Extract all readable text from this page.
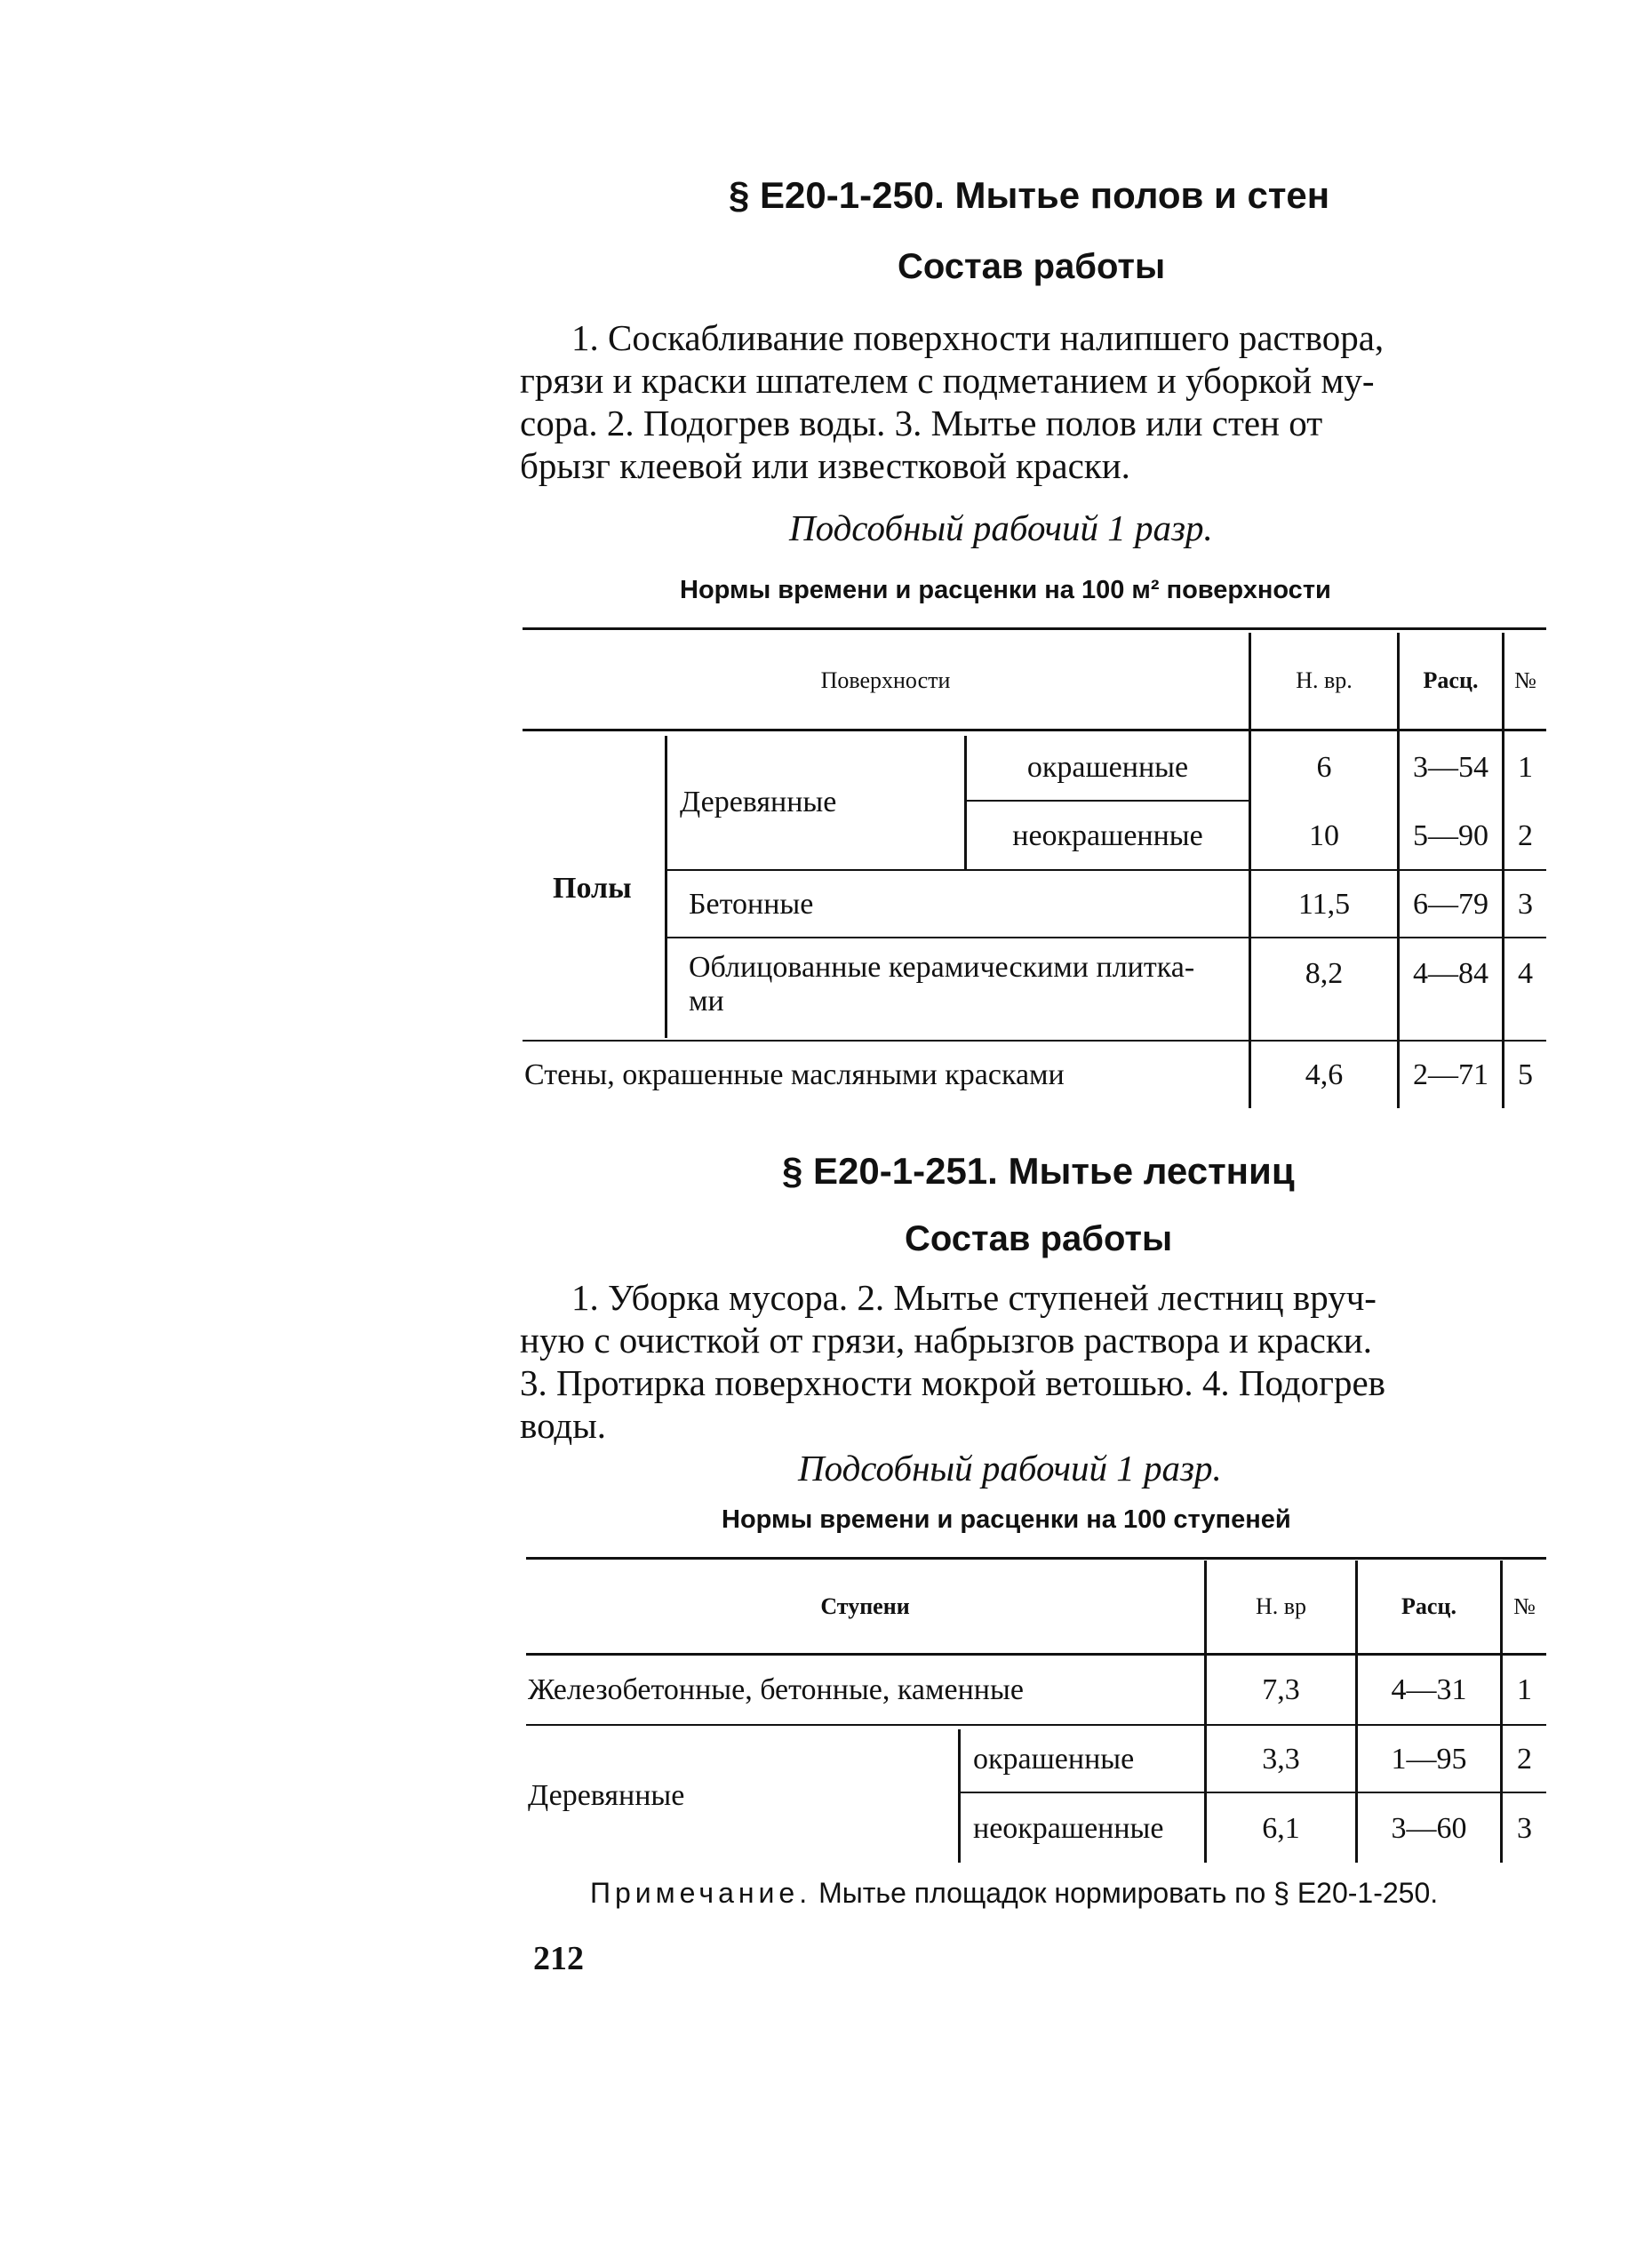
§ Е20-1-250. Мытье полов и стен
Состав работы
1. Соскабливание поверхности налипшего раствора,
грязи и краски шпателем с подметанием и уборкой му-
сора. 2. Подогрев воды. 3. Мытье полов или стен от
брызг клеевой или известковой краски.
Подсобный рабочий 1 разр.
Нормы времени и расценки на 100 м² поверхности
Поверхности	Н. вр.	Расц.	№
Полы
Деревянные
окрашенные	6	3—54 1
неокрашенные	10	5—90 2
Бетонные	11,5	6—79 3
Облицованные керамическими плитка-
ми
8,2	4—84 4
Стены, окрашенные масляными красками	4,6	2—71 5
§ Е20-1-251. Мытье лестниц
Состав работы
1. Уборка мусора. 2. Мытье ступеней лестниц вруч-
ную с очисткой от грязи, набрызгов раствора и краски.
3. Протирка поверхности мокрой ветошью. 4. Подогрев
воды.
Подсобный рабочий 1 разр.
Нормы времени и расценки на 100 ступеней
Ступени	Н. вр	Расц.	№
Железобетонные, бетонные, каменные	7,3	4—31	1
Деревянные
окрашенные	3,3	1—95	2
неокрашенные	6,1	3—60	3
Примечание. Мытье площадок нормировать по § Е20-1-250.
212
